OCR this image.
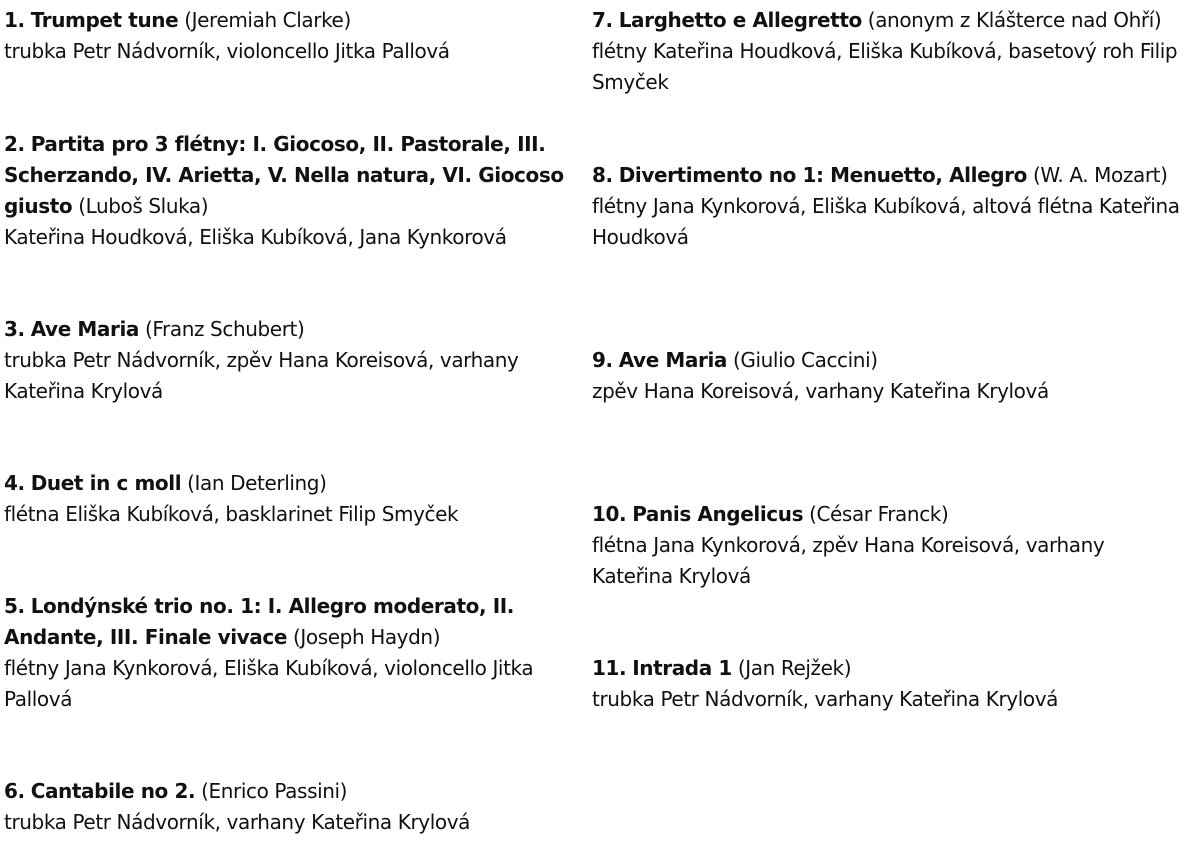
1. Trumpet tune (Jeremiah Clarke)
trubka Petr Nádvorník, violoncello Jitka Pallová

2. Partita pro 3 flétny: I. Giocoso, II. Pastorale, III. Scherzando, IV. Arietta, V. Nella natura, VI. Giocoso giusto (Luboš Sluka)
Kateřina Houdková, Eliška Kubíková, Jana Kynkorová

3. Ave Maria (Franz Schubert)
trubka Petr Nádvorník, zpěv Hana Koreisová, varhany Kateřina Krylová

4. Duet in c moll (Ian Deterling)
flétna Eliška Kubíková, basklarinet Filip Smyček

5. Londýnské trio no. 1: I. Allegro moderato, II. Andante, III. Finale vivace (Joseph Haydn)
flétny Jana Kynkorová, Eliška Kubíková, violoncello Jitka Pallová

6. Cantabile no 2. (Enrico Passini)
trubka Petr Nádvorník, varhany Kateřina Krylová

7. Larghetto e Allegretto (anonym z Klášterce nad Ohří)
flétny Kateřina Houdková, Eliška Kubíková, basetový roh Filip Smyček

8. Divertimento no 1: Menuetto, Allegro (W. A. Mozart)
flétny Jana Kynkorová, Eliška Kubíková, altová flétna Kateřina Houdková

9. Ave Maria (Giulio Caccini)
zpěv Hana Koreisová, varhany Kateřina Krylová

10. Panis Angelicus (César Franck)
flétna Jana Kynkorová, zpěv Hana Koreisová, varhany Kateřina Krylová

11. Intrada 1 (Jan Rejžek)
trubka Petr Nádvorník, varhany Kateřina Krylová
